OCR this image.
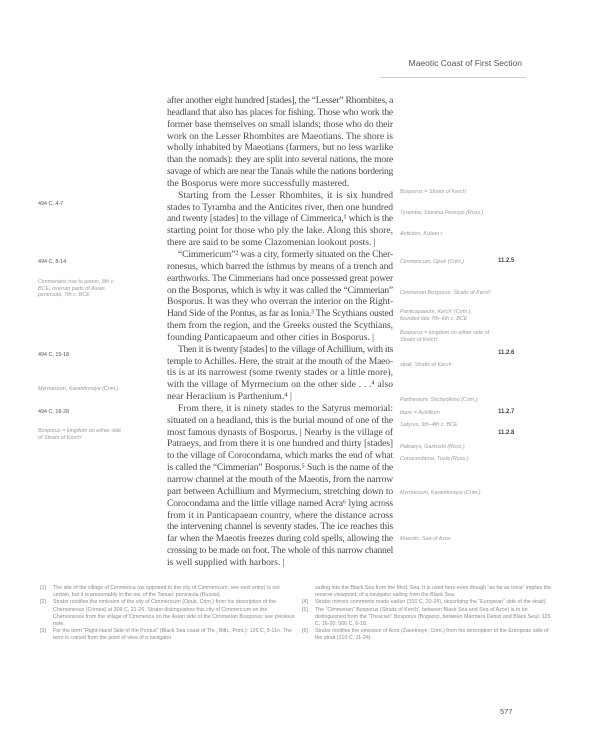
Maeotic Coast of First Section
after another eight hundred [stades], the “Lesser” Rhombites, a
headland that also has places for fishing. Those who work the
former base themselves on small islands; those who do their
work on the Lesser Rhombites are Maeotians. The shore is
wholly inhabited by Maeotians (farmers, but no less warlike
than the nomads): they are split into several nations, the more
savage of which are near the Tanaïs while the nations bordering
the Bosporus were more successfully mastered.
Starting from the Lesser Rhombites, it is six hundred
stades to Tyramba and the Anticites river, then one hundred
and twenty [stades] to the village of Cimmerica,¹ which is the
starting point for those who ply the lake. Along this shore,
there are said to be some Clazomenian lookout posts. |
“Cimmericum”² was a city, formerly situated on the Cher-
ronesus, which barred the isthmus by means of a trench and
earthworks. The Cimmerians had once possessed great power
on the Bosporus, which is why it was called the “Cimmerian”
Bosporus. It was they who overran the interior on the Right-
Hand Side of the Pontus, as far as Ionia.³ The Scythians ousted
them from the region, and the Greeks ousted the Scythians,
founding Panticapaeum and other cities in Bosporus. |
Then it is twenty [stades] to the village of Achillium, with its
temple to Achilles. Here, the strait at the mouth of the Maeo-
tis is at its narrowest (some twenty stades or a little more),
with the village of Myrmecium on the other side . . .⁴ also
near Heraclium is Parthenium.⁴ |
From there, it is ninety stades to the Satyrus memorial:
situated on a headland, this is the burial mound of one of the
most famous dynasts of Bosporus. | Nearby is the village of
Patraeys, and from there it is one hundred and thirty [stades]
to the village of Corocondama, which marks the end of what
is called the “Cimmerian” Bosporus.⁵ Such is the name of the
narrow channel at the mouth of the Maeotis, from the narrow
part between Achillium and Myrmecium, stretching down to
Corocondama and the little village named Acra⁶ lying across
from it in Panticapaean country, where the distance across
the intervening channel is seventy stades. The ice reaches this
far when the Maeotis freezes during cold spells, allowing the
crossing to be made on foot. The whole of this narrow channel
is well supplied with harbors. |
494 C, 4-7
494 C, 8-14
Cimmerians rise to power, 8th c. BCE; overran parts of Asian peninsula, 7th c. BCE
494 C, 15-18
Myrmecium, Karantinnaya (Crim.)
494 C, 18-28
Bosporus = kingdom on either side of Straits of Kerch'
Bosporus = Straits of Kerch'
Tyramba, Stanitsa Peresyp (Russ.)
Anticites, Kuban r.
Cimmericum, Opuk (Crim.)
Cimmerian Bosporus, Straits of Kerch'
Panticapaeum, Kerch' (Crim.), founded late 7th–6th c. BCE
Bosporus = kingdom on either side of Straits of Kerch'
strait, Straits of Kerch'
Parthenium, Shchyolkino (Crim.)
there = Achillium
Satyrus, 5th–4th c. BCE
Patraeys, Garkushi (Russ.)
Corocondama, Tuzla (Russ.)
Myrmecium, Karantinnaya (Crim.)
Maeotis, Sea of Azov
11.2.5
11.2.6
11.2.7
11.2.8

[1] The site of the village of Cimmerica (as opposed to the city of Cimmericum: see next entry) is not certain, but it is presumably in the nw. of the Taman' peninsula (Russia).

[2] Strabo rectifies the omission of the city of Cimmericum (Opuk, Crim.) from his description of the Chersonesus (Crimea) at 309 C, 21-26. Strabo distinguishes this city of Cimmericum on the Chersonesus from the village of Cimmerica on the Asian side of the Cimmerian Bosporus: see previous note.

[3] For the term “Right-Hand Side of the Pontus” (Black Sea coast of Thr., Bith., Pont.): 126 C, 5-11n. The term is coined from the point of view of a navigator

sailing into the Black Sea from the Med. Sea. It is used here even though “as far as Ionia” implies the reverse viewpoint, of a navigator sailing from the Black Sea.

[4] Strabo mirrors comments made earlier (310 C, 20-24), describing the “European” side of the strait).

[5] The “Cimmerian” Bosporus (Straits of Kerch', between Black Sea and Sea of Azov) is to be distinguished from the “Thracian” Bosporus (Bogaziçi, between Marmara Denizi and Black Sea): 125 C, 16-20; 566 C, 6-18.

[6] Strabo rectifies the omission of Acra (Zavetnoye, Crim.) from his description of the European side of the strait (310 C, 11-24).

577
